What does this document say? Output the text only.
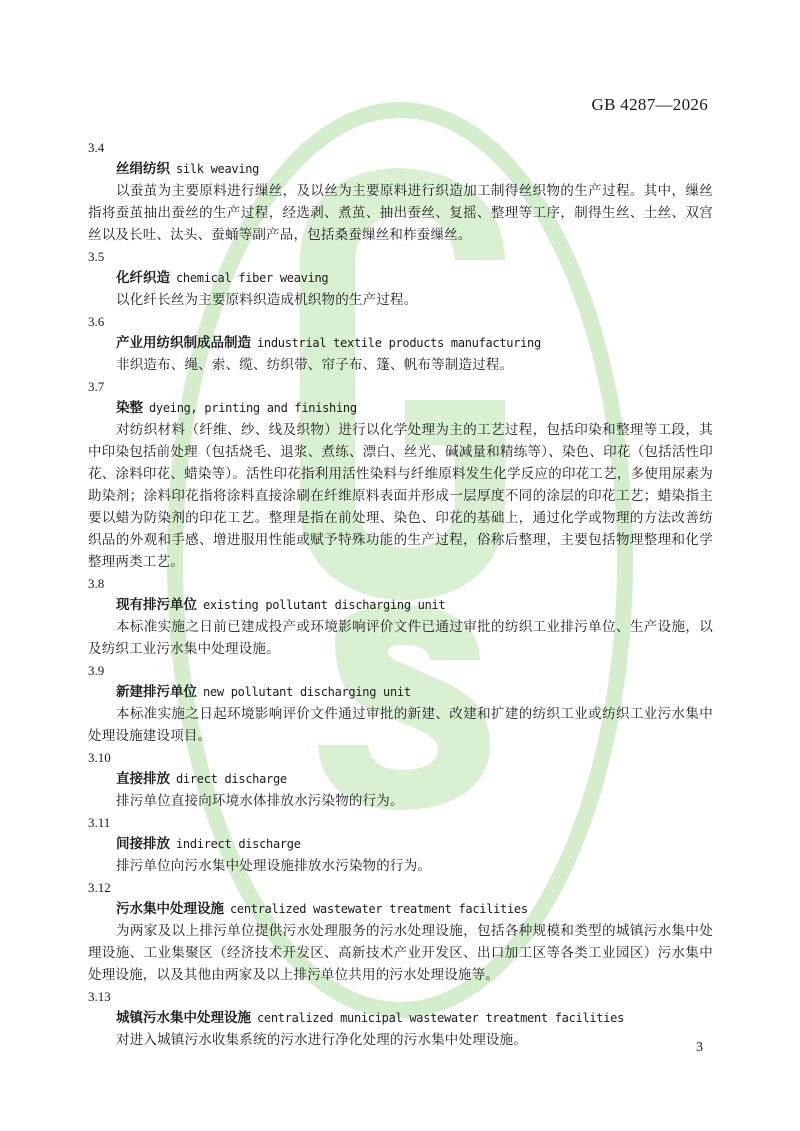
GB 4287—2026
3.4
丝绢纺织 silk weaving

以蚕茧为主要原料进行缫丝，及以丝为主要原料进行织造加工制得丝织物的生产过程。其中，缫丝指将蚕茧抽出蚕丝的生产过程，经选剥、煮茧、抽出蚕丝、复摇、整理等工序，制得生丝、土丝、双宫丝以及长吐、汰头、蚕蛹等副产品，包括桑蚕缫丝和柞蚕缫丝。

3.5
化纤织造 chemical fiber weaving

以化纤长丝为主要原料织造成机织物的生产过程。

3.6
产业用纺织制成品制造 industrial textile products manufacturing

非织造布、绳、索、缆、纺织带、帘子布、篷、帆布等制造过程。

3.7
染整 dyeing, printing and finishing

对纺织材料（纤维、纱、线及织物）进行以化学处理为主的工艺过程，包括印染和整理等工段，其中印染包括前处理（包括烧毛、退浆、煮练、漂白、丝光、碱减量和精练等）、染色、印花（包括活性印花、涂料印花、蜡染等）。活性印花指利用活性染料与纤维原料发生化学反应的印花工艺，多使用尿素为助染剂；涂料印花指将涂料直接涂刷在纤维原料表面并形成一层厚度不同的涂层的印花工艺；蜡染指主要以蜡为防染剂的印花工艺。整理是指在前处理、染色、印花的基础上，通过化学或物理的方法改善纺织品的外观和手感、增进服用性能或赋予特殊功能的生产过程，俗称后整理，主要包括物理整理和化学整理两类工艺。

3.8
现有排污单位 existing pollutant discharging unit

本标准实施之日前已建成投产或环境影响评价文件已通过审批的纺织工业排污单位、生产设施，以及纺织工业污水集中处理设施。

3.9
新建排污单位 new pollutant discharging unit

本标准实施之日起环境影响评价文件通过审批的新建、改建和扩建的纺织工业或纺织工业污水集中处理设施建设项目。

3.10
直接排放 direct discharge

排污单位直接向环境水体排放水污染物的行为。

3.11
间接排放 indirect discharge

排污单位向污水集中处理设施排放水污染物的行为。

3.12
污水集中处理设施 centralized wastewater treatment facilities

为两家及以上排污单位提供污水处理服务的污水处理设施，包括各种规模和类型的城镇污水集中处理设施、工业集聚区（经济技术开发区、高新技术产业开发区、出口加工区等各类工业园区）污水集中处理设施，以及其他由两家及以上排污单位共用的污水处理设施等。

3.13
城镇污水集中处理设施 centralized municipal wastewater treatment facilities

对进入城镇污水收集系统的污水进行净化处理的污水集中处理设施。	3
